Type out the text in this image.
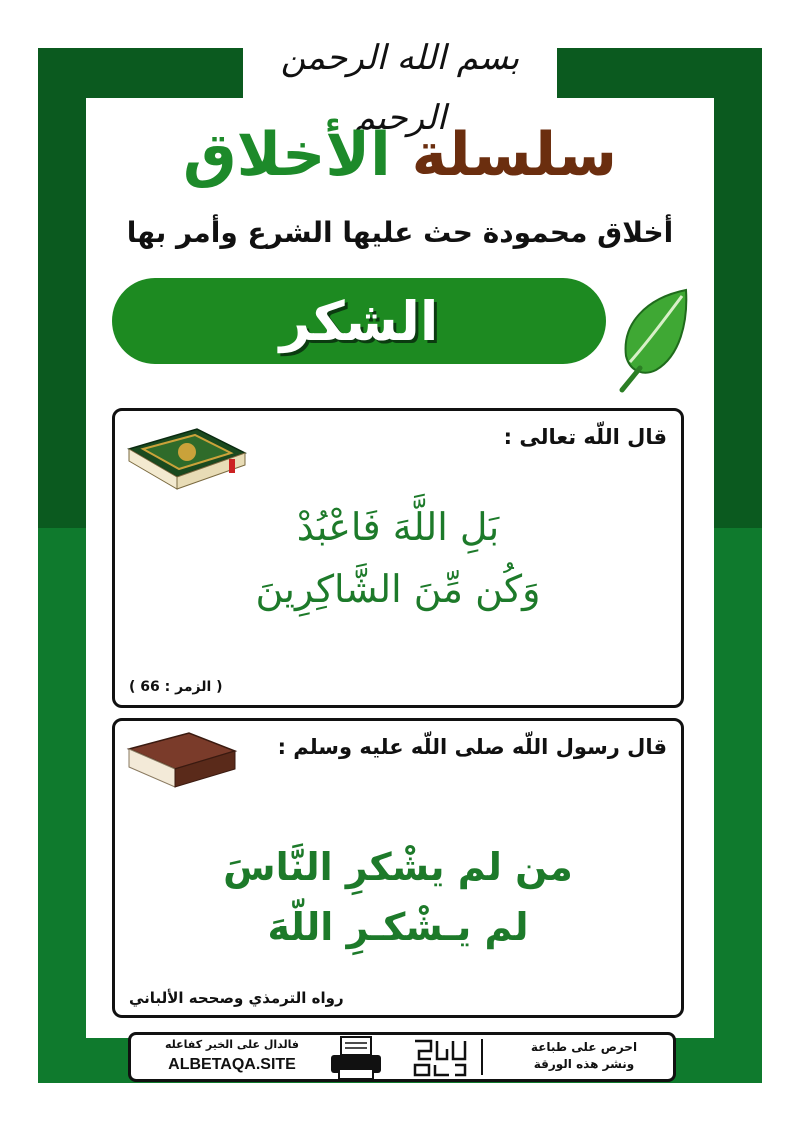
بسم الله الرحمن الرحيم
سلسلة الأخلاق
أخلاق محمودة حث عليها الشرع وأمر بها
الشكر
قال اللّه تعالى :
بَلِ اللَّهَ فَاعْبُدْ
وَكُن مِّنَ الشَّاكِرِينَ
( الزمر : 66 )
قال رسول اللّه صلى اللّه عليه وسلم :
من لم يشْكرِ النَّاسَ
لم يـشْكـرِ اللّهَ
رواه الترمذي وصححه الألباني
احرص على طباعة
ونشر هذه الورقة
فالدال على الخير كفاعله
ALBETAQA.SITE
